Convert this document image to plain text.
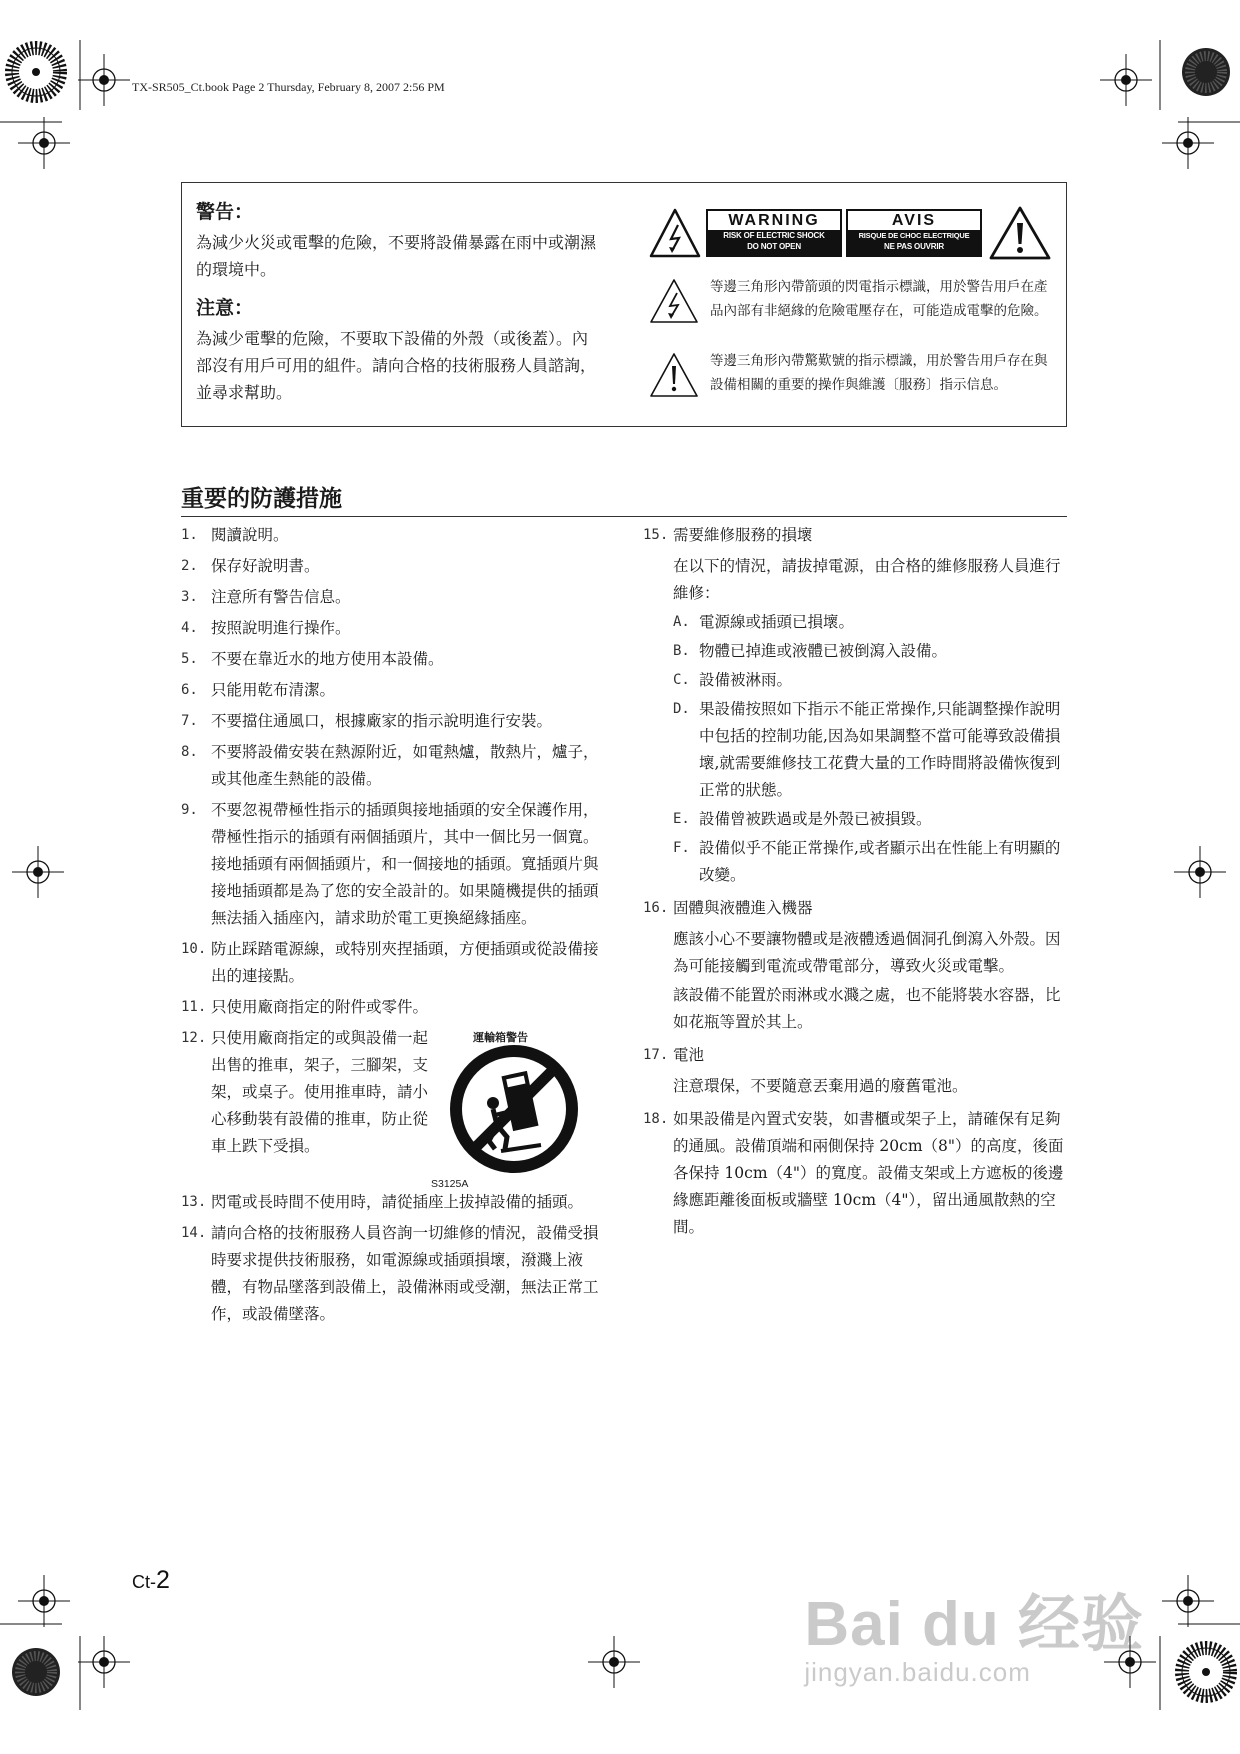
TX-SR505_Ct.book Page 2 Thursday, February 8, 2007 2:56 PM
警告：
為減少火災或電擊的危險，不要將設備暴露在雨中或潮濕的環境中。
注意：
為減少電擊的危險，不要取下設備的外殼（或後蓋）。內部沒有用戶可用的組件。請向合格的技術服務人員諮詢，並尋求幫助。
WARNING
RISK OF ELECTRIC SHOCK
DO NOT OPEN
AVIS
RISQUE DE CHOC ELECTRIQUE
NE PAS OUVRIR
等邊三角形內帶箭頭的閃電指示標識，用於警告用戶在產品內部有非絕緣的危險電壓存在，可能造成電擊的危險。
等邊三角形內帶驚歎號的指示標識，用於警告用戶存在與設備相關的重要的操作與維護〔服務〕指示信息。
重要的防護措施
1. 閱讀說明。
2. 保存好說明書。
3. 注意所有警告信息。
4. 按照說明進行操作。
5. 不要在靠近水的地方使用本設備。
6. 只能用乾布清潔。
7. 不要擋住通風口，根據廠家的指示說明進行安裝。
8. 不要將設備安裝在熱源附近，如電熱爐，散熱片，爐子，或其他產生熱能的設備。
9. 不要忽視帶極性指示的插頭與接地插頭的安全保護作用，帶極性指示的插頭有兩個插頭片，其中一個比另一個寬。接地插頭有兩個插頭片，和一個接地的插頭。寬插頭片與接地插頭都是為了您的安全設計的。如果隨機提供的插頭無法插入插座內，請求助於電工更換絕緣插座。
10. 防止踩踏電源線，或特別夾捏插頭，方便插頭或從設備接出的連接點。
11. 只使用廠商指定的附件或零件。
12. 只使用廠商指定的或與設備一起出售的推車，架子，三腳架，支架，或桌子。使用推車時，請小心移動裝有設備的推車，防止從車上跌下受損。
運輸箱警告
S3125A
13. 閃電或長時間不使用時，請從插座上拔掉設備的插頭。
14. 請向合格的技術服務人員咨詢一切維修的情況，設備受損時要求提供技術服務，如電源線或插頭損壞，潑濺上液體，有物品墜落到設備上，設備淋雨或受潮，無法正常工作，或設備墜落。
15. 需要維修服務的損壞
在以下的情況，請拔掉電源，由合格的維修服務人員進行維修：
A. 電源線或插頭已損壞。
B. 物體已掉進或液體已被倒瀉入設備。
C. 設備被淋雨。
D. 果設備按照如下指示不能正常操作,只能調整操作說明中包括的控制功能,因為如果調整不當可能導致設備損壞,就需要維修技工花費大量的工作時間將設備恢復到正常的狀態。
E. 設備曾被跌過或是外殼已被損毀。
F. 設備似乎不能正常操作,或者顯示出在性能上有明顯的改變。
16. 固體與液體進入機器
應該小心不要讓物體或是液體透過個洞孔倒瀉入外殼。因為可能接觸到電流或帶電部分，導致火災或電擊。
該設備不能置於雨淋或水濺之處，也不能將裝水容器，比如花瓶等置於其上。
17. 電池
注意環保，不要隨意丟棄用過的廢舊電池。
18. 如果設備是內置式安裝，如書櫃或架子上，請確保有足夠的通風。設備頂端和兩側保持 20cm（8"）的高度，後面各保持 10cm（4"）的寬度。設備支架或上方遮板的後邊緣應距離後面板或牆壁 10cm（4"），留出通風散熱的空間。
Ct-2
Bai du 经验
jingyan.baidu.com
